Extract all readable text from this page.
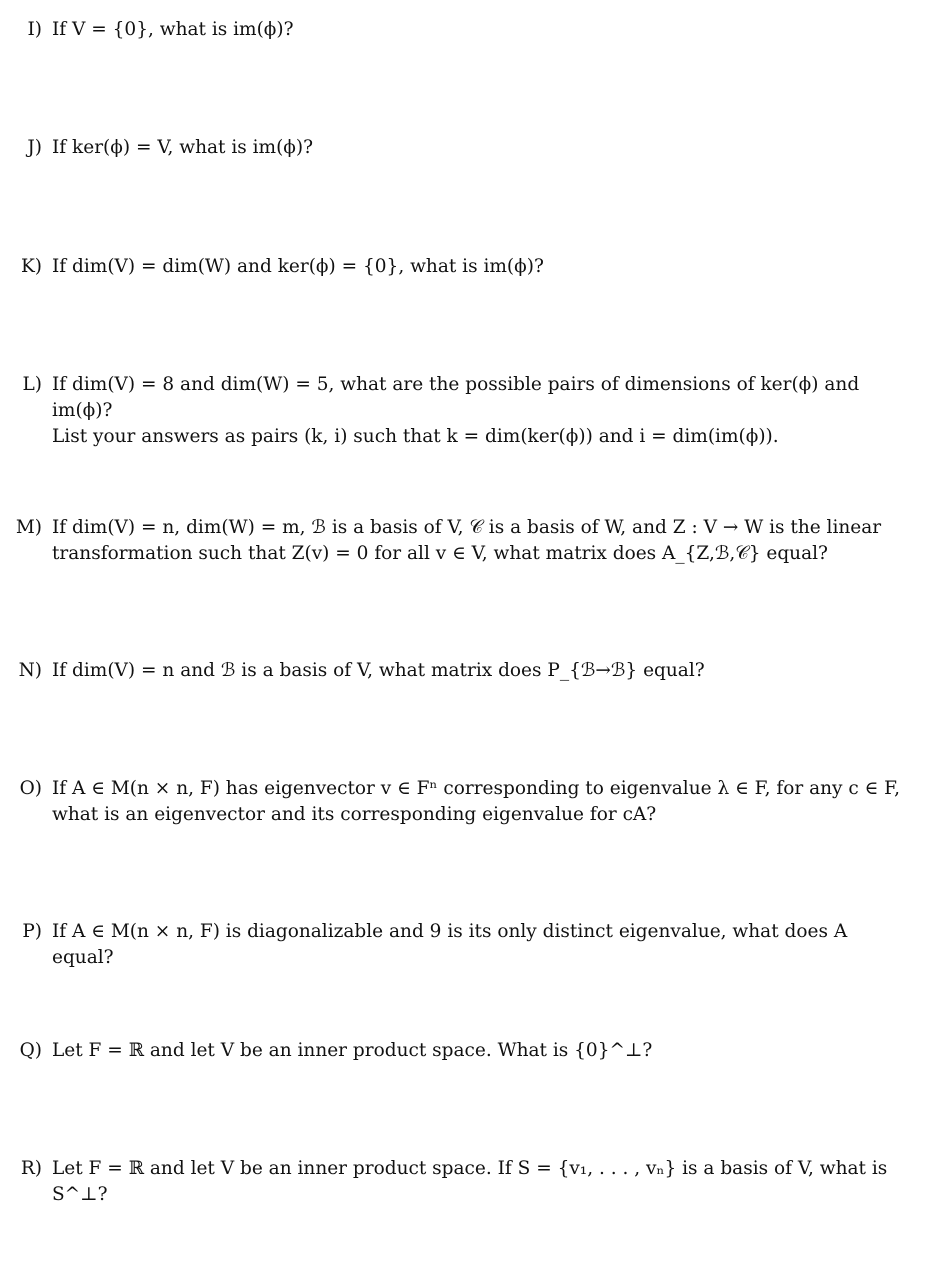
I) If V = {0}, what is im(ϕ)?
J) If ker(ϕ) = V, what is im(ϕ)?
K) If dim(V) = dim(W) and ker(ϕ) = {0}, what is im(ϕ)?
L) If dim(V) = 8 and dim(W) = 5, what are the possible pairs of dimensions of ker(ϕ) and im(ϕ)?
List your answers as pairs (k, i) such that k = dim(ker(ϕ)) and i = dim(im(ϕ)).
M) If dim(V) = n, dim(W) = m, ℬ is a basis of V, 𝒞 is a basis of W, and Z : V → W is the linear
transformation such that Z(v) = 0 for all v ∈ V, what matrix does A_{Z,ℬ,𝒞} equal?
N) If dim(V) = n and ℬ is a basis of V, what matrix does P_{ℬ→ℬ} equal?
O) If A ∈ M(n × n, F) has eigenvector v ∈ Fⁿ corresponding to eigenvalue λ ∈ F, for any c ∈ F,
what is an eigenvector and its corresponding eigenvalue for cA?
P) If A ∈ M(n × n, F) is diagonalizable and 9 is its only distinct eigenvalue, what does A equal?
Q) Let F = ℝ and let V be an inner product space. What is {0}^⊥?
R) Let F = ℝ and let V be an inner product space. If S = {v₁, . . . , vₙ} is a basis of V, what is S^⊥?
